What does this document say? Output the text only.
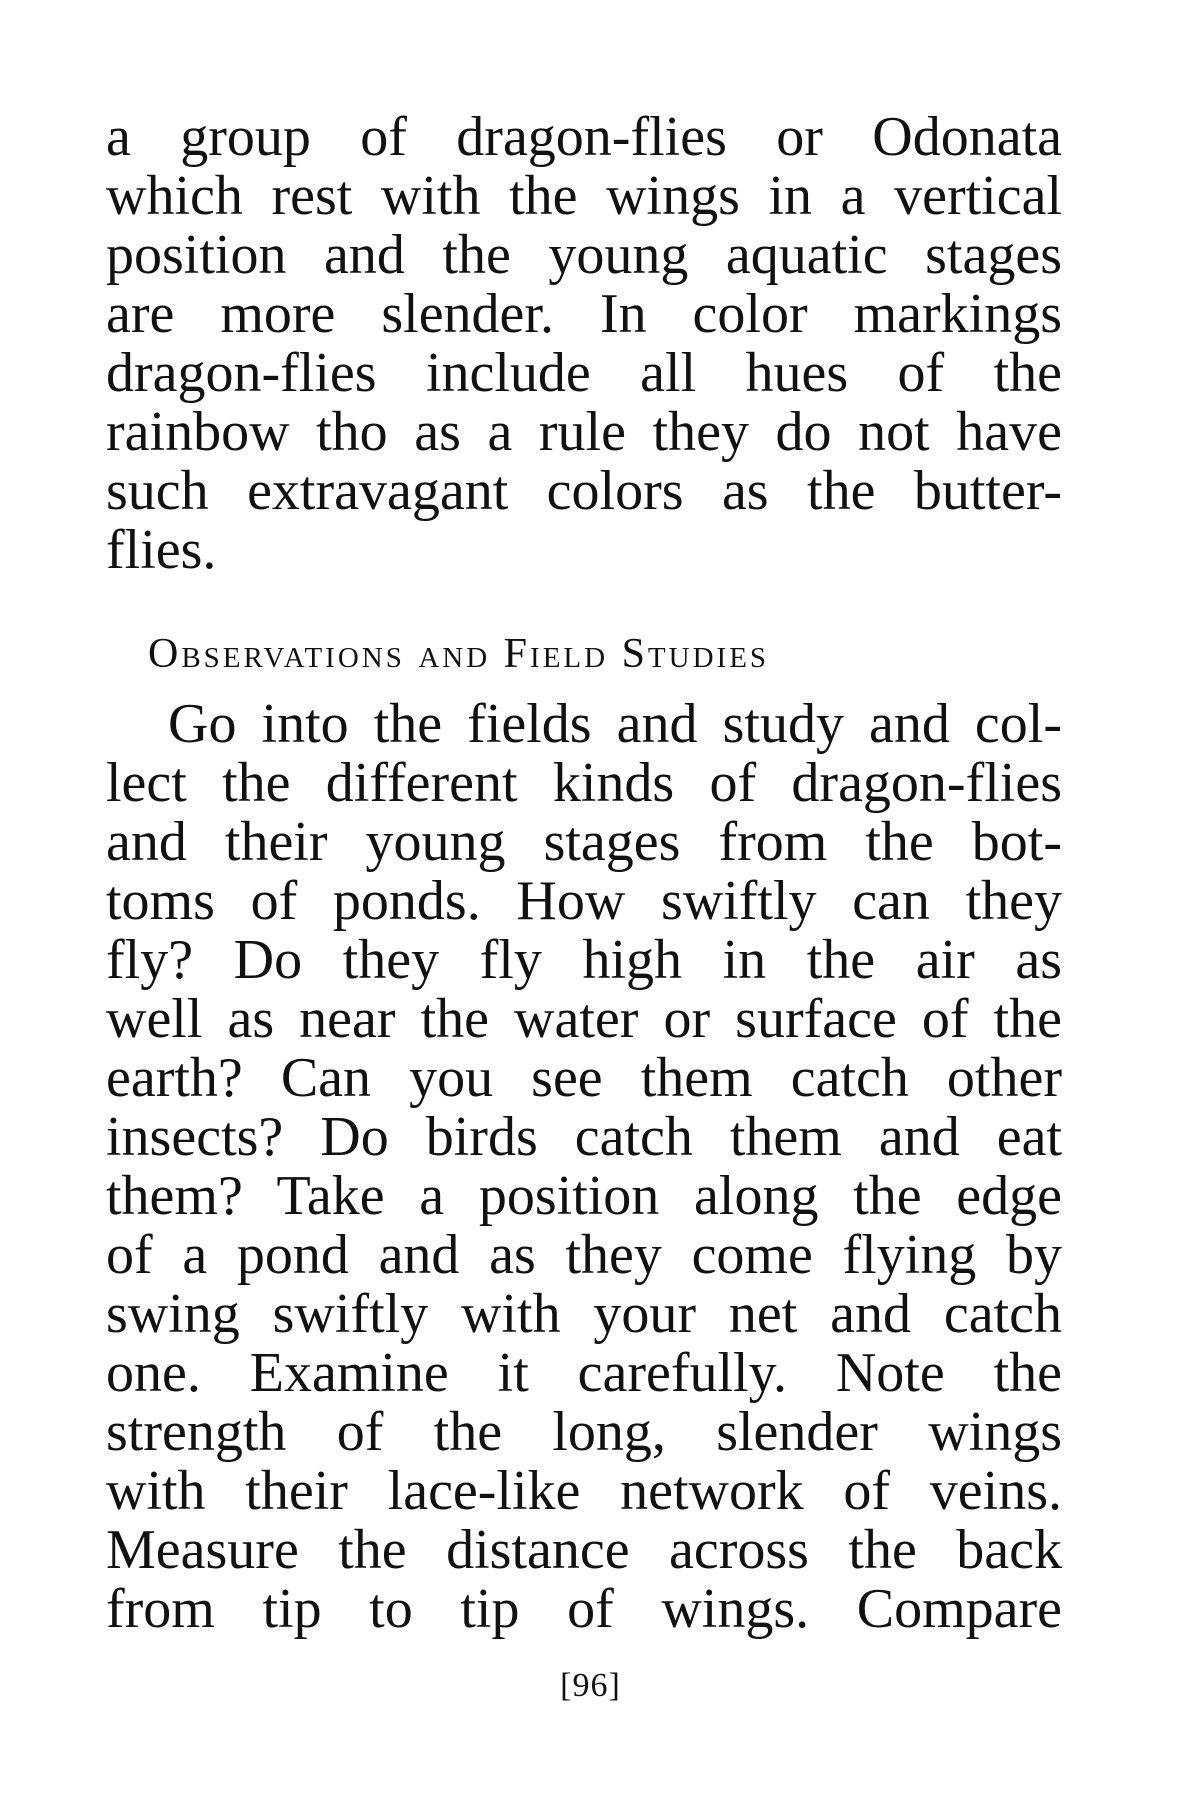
a group of dragon-flies or Odonata
which rest with the wings in a vertical
position and the young aquatic stages
are more slender. In color markings
dragon-flies include all hues of the
rainbow tho as a rule they do not have
such extravagant colors as the butter-
flies.

Observations and Field Studies

Go into the fields and study and col-
lect the different kinds of dragon-flies
and their young stages from the bot-
toms of ponds. How swiftly can they
fly? Do they fly high in the air as
well as near the water or surface of the
earth? Can you see them catch other
insects? Do birds catch them and eat
them? Take a position along the edge
of a pond and as they come flying by
swing swiftly with your net and catch
one. Examine it carefully. Note the
strength of the long, slender wings
with their lace-like network of veins.
Measure the distance across the back
from tip to tip of wings. Compare

[96]
